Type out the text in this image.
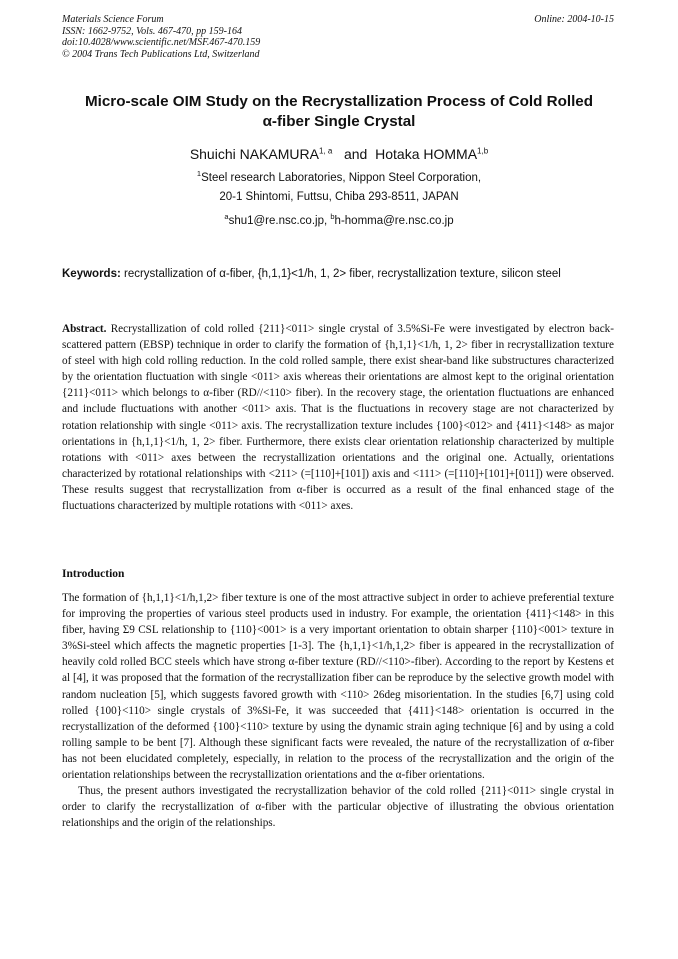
Materials Science Forum
ISSN: 1662-9752, Vols. 467-470, pp 159-164
doi:10.4028/www.scientific.net/MSF.467-470.159
© 2004 Trans Tech Publications Ltd, Switzerland

Online: 2004-10-15
Micro-scale OIM Study on the Recrystallization Process of Cold Rolled
α-fiber Single Crystal
Shuichi NAKAMURA$^{1, a}$ and Hotaka HOMMA$^{1,b}$
$^1$Steel research Laboratories, Nippon Steel Corporation,
20-1 Shintomi, Futtsu, Chiba 293-8511, JAPAN
$^a$shu1@re.nsc.co.jp, $^b$h-homma@re.nsc.co.jp
Keywords: recrystallization of α-fiber, {h,1,1}<1/h, 1, 2> fiber, recrystallization texture, silicon steel
Abstract. Recrystallization of cold rolled {211}<011> single crystal of 3.5%Si-Fe were investigated by electron back-scattered pattern (EBSP) technique in order to clarify the formation of {h,1,1}<1/h, 1, 2> fiber in recrystallization texture of steel with high cold rolling reduction. In the cold rolled sample, there exist shear-band like substructures characterized by the orientation fluctuation with single <011> axis whereas their orientations are almost kept to the original orientation {211}<011> which belongs to α-fiber (RD//<110> fiber). In the recovery stage, the orientation fluctuations are enhanced and include fluctuations with another <011> axis. That is the fluctuations in recovery stage are not characterized by rotation relationship with single <011> axis. The recrystallization texture includes {100}<012> and {411}<148> as major orientations in {h,1,1}<1/h, 1, 2> fiber. Furthermore, there exists clear orientation relationship characterized by multiple rotations with <011> axes between the recrystallization orientations and the original one. Actually, orientations characterized by rotational relationships with <211> (=[110]+[101]) axis and <111> (=[110]+[101]+[011]) were observed. These results suggest that recrystallization from α-fiber is occurred as a result of the final enhanced stage of the fluctuations characterized by multiple rotations with <011> axes.
Introduction
The formation of {h,1,1}<1/h,1,2> fiber texture is one of the most attractive subject in order to achieve preferential texture for improving the properties of various steel products used in industry. For example, the orientation {411}<148> in this fiber, having Σ9 CSL relationship to {110}<001> is a very important orientation to obtain sharper {110}<001> texture in 3%Si-steel which affects the magnetic properties [1-3]. The {h,1,1}<1/h,1,2> fiber is appeared in the recrystallization of heavily cold rolled BCC steels which have strong α-fiber texture (RD//<110>-fiber). According to the report by Kestens et al [4], it was proposed that the formation of the recrystallization fiber can be reproduce by the selective growth model with random nucleation [5], which suggests favored growth with <110> 26deg misorientation. In the studies [6,7] using cold rolled {100}<110> single crystals of 3%Si-Fe, it was succeeded that {411}<148> orientation is occurred in the recrystallization of the deformed {100}<110> texture by using the dynamic strain aging technique [6] and by using a cold rolling sample to be bent [7]. Although these significant facts were revealed, the nature of the recrystallization of α-fiber has not been elucidated completely, especially, in relation to the process of the recrystallization and the origin of the orientation relationships between the recrystallization orientations and the α-fiber orientations.
Thus, the present authors investigated the recrystallization behavior of the cold rolled {211}<011> single crystal in order to clarify the recrystallization of α-fiber with the particular objective of illustrating the obvious orientation relationships and the origin of the relationships.
